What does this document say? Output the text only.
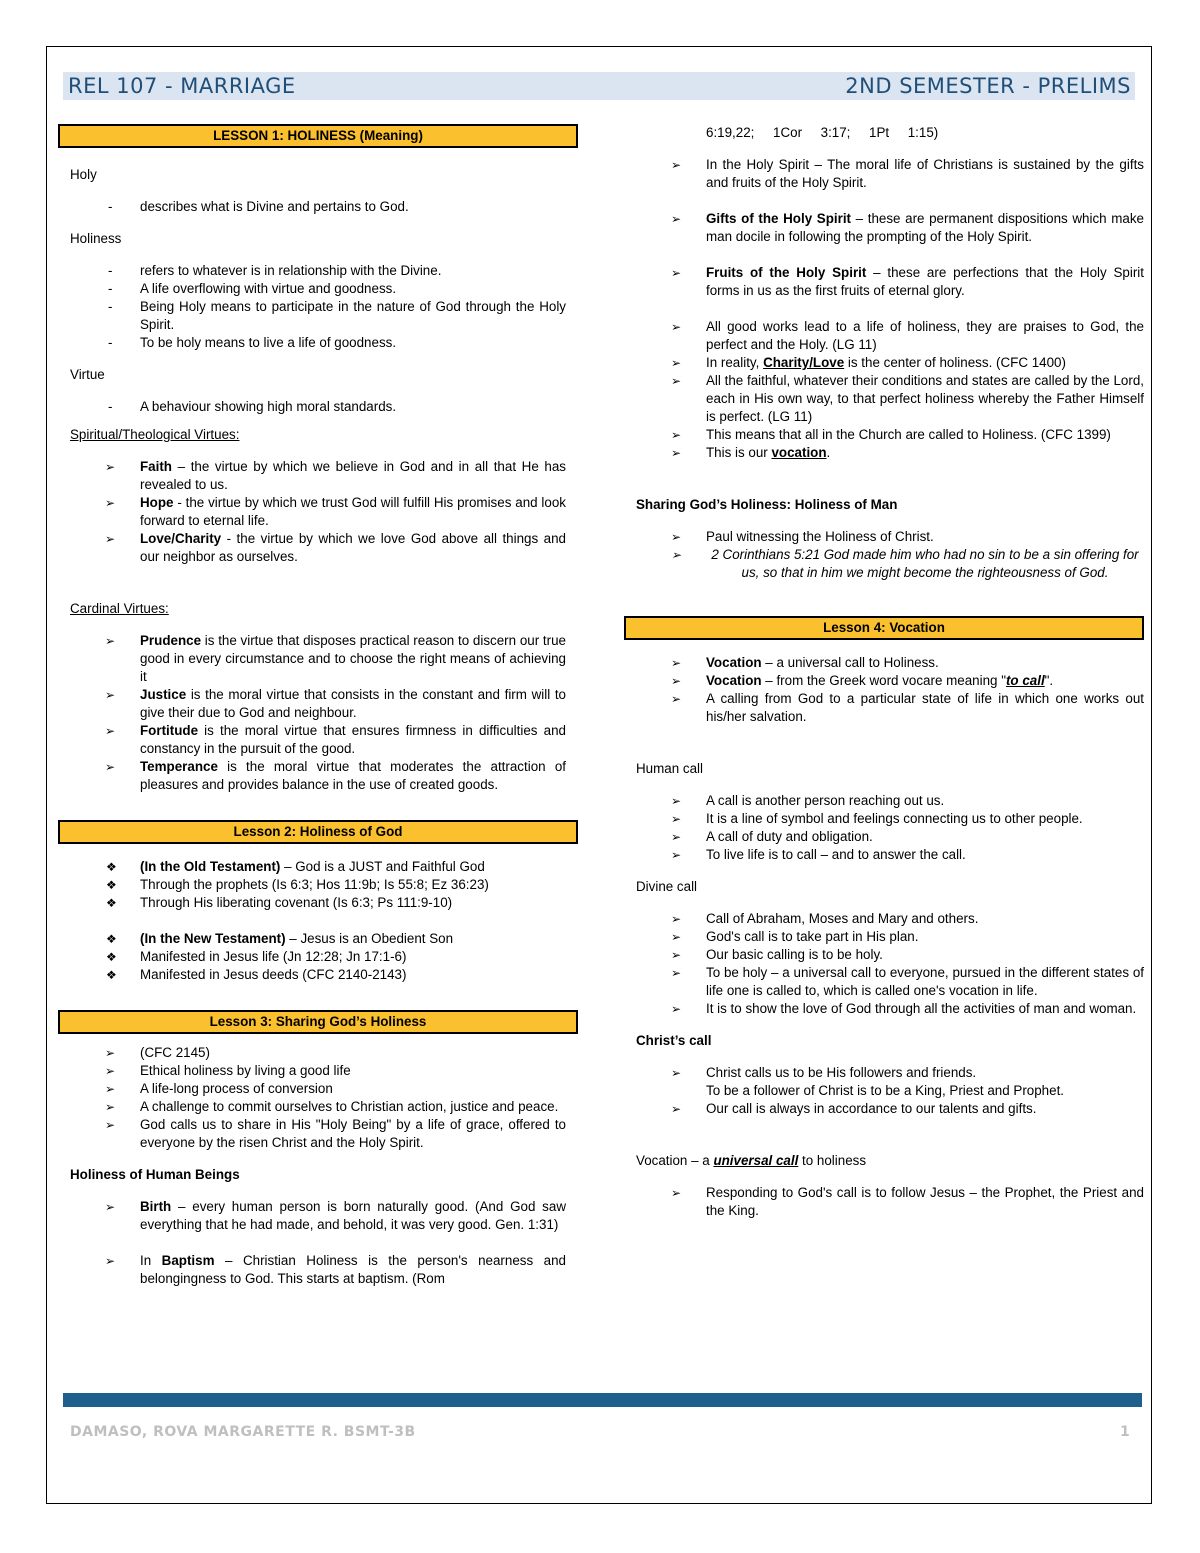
REL 107 - MARRIAGE	2ND SEMESTER - PRELIMS
LESSON 1: HOLINESS (Meaning)
Holy
- describes what is Divine and pertains to God.
Holiness
- refers to whatever is in relationship with the Divine.
- A life overflowing with virtue and goodness.
- Being Holy means to participate in the nature of God through the Holy Spirit.
- To be holy means to live a life of goodness.
Virtue
- A behaviour showing high moral standards.
Spiritual/Theological Virtues:
➢ Faith – the virtue by which we believe in God and in all that He has revealed to us.
➢ Hope - the virtue by which we trust God will fulfill His promises and look forward to eternal life.
➢ Love/Charity - the virtue by which we love God above all things and our neighbor as ourselves.
Cardinal Virtues:
➢ Prudence is the virtue that disposes practical reason to discern our true good in every circumstance and to choose the right means of achieving it
➢ Justice is the moral virtue that consists in the constant and firm will to give their due to God and neighbour.
➢ Fortitude is the moral virtue that ensures firmness in difficulties and constancy in the pursuit of the good.
➢ Temperance is the moral virtue that moderates the attraction of pleasures and provides balance in the use of created goods.
Lesson 2: Holiness of God
❖ (In the Old Testament) – God is a JUST and Faithful God
❖ Through the prophets (Is 6:3; Hos 11:9b; Is 55:8; Ez 36:23)
❖ Through His liberating covenant (Is 6:3; Ps 111:9-10)
❖ (In the New Testament) – Jesus is an Obedient Son
❖ Manifested in Jesus life (Jn 12:28; Jn 17:1-6)
❖ Manifested in Jesus deeds (CFC 2140-2143)
Lesson 3: Sharing God’s Holiness
➢ (CFC 2145)
➢ Ethical holiness by living a good life
➢ A life-long process of conversion
➢ A challenge to commit ourselves to Christian action, justice and peace.
➢ God calls us to share in His "Holy Being" by a life of grace, offered to everyone by the risen Christ and the Holy Spirit.
Holiness of Human Beings
➢ Birth – every human person is born naturally good. (And God saw everything that he had made, and behold, it was very good. Gen. 1:31)
➢ In Baptism – Christian Holiness is the person's nearness and belongingness to God. This starts at baptism. (Rom
6:19,22;     1Cor     3:17;     1Pt     1:15)
➢ In the Holy Spirit – The moral life of Christians is sustained by the gifts and fruits of the Holy Spirit.
➢ Gifts of the Holy Spirit – these are permanent dispositions which make man docile in following the prompting of the Holy Spirit.
➢ Fruits of the Holy Spirit – these are perfections that the Holy Spirit forms in us as the first fruits of eternal glory.
➢ All good works lead to a life of holiness, they are praises to God, the perfect and the Holy. (LG 11)
➢ In reality, Charity/Love is the center of holiness. (CFC 1400)
➢ All the faithful, whatever their conditions and states are called by the Lord, each in His own way, to that perfect holiness whereby the Father Himself is perfect. (LG 11)
➢ This means that all in the Church are called to Holiness. (CFC 1399)
➢ This is our vocation.
Sharing God’s Holiness: Holiness of Man
➢ Paul witnessing the Holiness of Christ.
➢ 2 Corinthians 5:21 God made him who had no sin to be a sin offering for us, so that in him we might become the righteousness of God.
Lesson 4: Vocation
➢ Vocation – a universal call to Holiness.
➢ Vocation – from the Greek word vocare meaning "to call".
➢ A calling from God to a particular state of life in which one works out his/her salvation.
Human call
➢ A call is another person reaching out us.
➢ It is a line of symbol and feelings connecting us to other people.
➢ A call of duty and obligation.
➢ To live life is to call – and to answer the call.
Divine call
➢ Call of Abraham, Moses and Mary and others.
➢ God's call is to take part in His plan.
➢ Our basic calling is to be holy.
➢ To be holy – a universal call to everyone, pursued in the different states of life one is called to, which is called one's vocation in life.
➢ It is to show the love of God through all the activities of man and woman.
Christ’s call
➢ Christ calls us to be His followers and friends.
To be a follower of Christ is to be a King, Priest and Prophet.
➢ Our call is always in accordance to our talents and gifts.
Vocation – a universal call to holiness
➢ Responding to God's call is to follow Jesus – the Prophet, the Priest and the King.
DAMASO, ROVA MARGARETTE R. BSMT-3B	1
